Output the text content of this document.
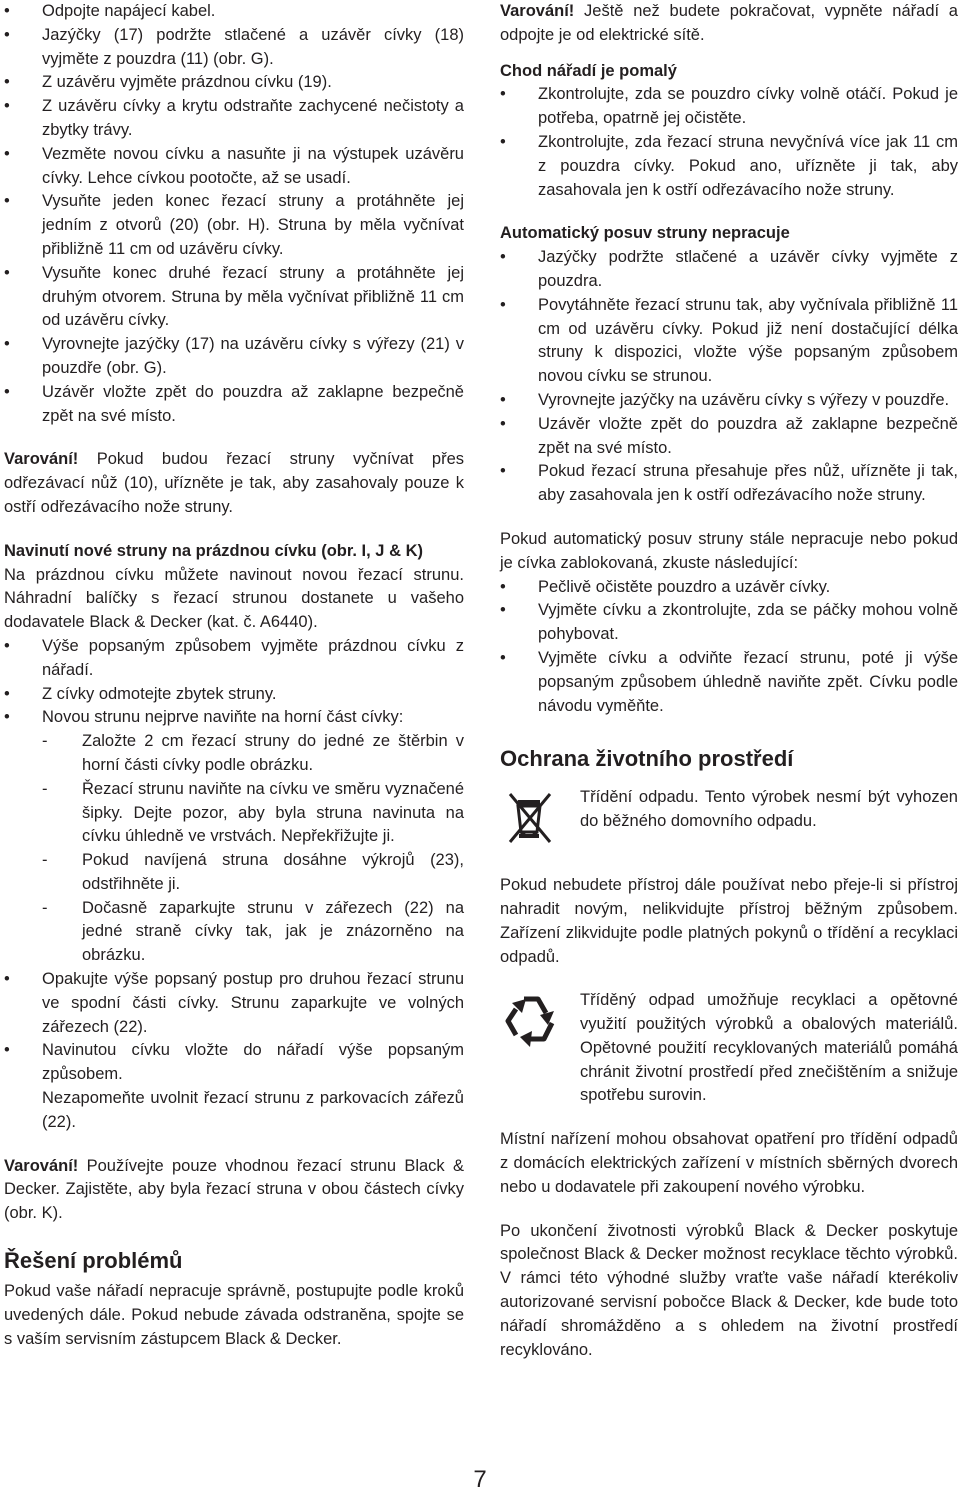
• Odpojte napájecí kabel.
• Jazýčky (17) podržte stlačené a uzávěr cívky (18) vyjměte z pouzdra (11) (obr. G).
• Z uzávěru vyjměte prázdnou cívku (19).
• Z uzávěru cívky a krytu odstraňte zachycené nečistoty a zbytky trávy.
• Vezměte novou cívku a nasuňte ji na výstupek uzávěru cívky. Lehce cívkou pootočte, až se usadí.
• Vysuňte jeden konec řezací struny a protáhněte jej jedním z otvorů (20) (obr. H). Struna by měla vyčnívat přibližně 11 cm od uzávěru cívky.
• Vysuňte konec druhé řezací struny a protáhněte jej druhým otvorem. Struna by měla vyčnívat přibližně 11 cm od uzávěru cívky.
• Vyrovnejte jazýčky (17) na uzávěru cívky s výřezy (21) v pouzdře (obr. G).
• Uzávěr vložte zpět do pouzdra až zaklapne bezpečně zpět na své místo.

Varování! Pokud budou řezací struny vyčnívat přes odřezávací nůž (10), uřízněte je tak, aby zasahovaly pouze k ostří odřezávacího nože struny.

Navinutí nové struny na prázdnou cívku (obr. I, J & K)

Na prázdnou cívku můžete navinout novou řezací strunu. Náhradní balíčky s řezací strunou dostanete u vašeho dodavatele Black & Decker (kat. č. A6440).

• Výše popsaným způsobem vyjměte prázdnou cívku z nářadí.
• Z cívky odmotejte zbytek struny.
• Novou strunu nejprve naviňte na horní část cívky:
- Založte 2 cm řezací struny do jedné ze štěrbin v horní části cívky podle obrázku.
- Řezací strunu naviňte na cívku ve směru vyznačené šipky. Dejte pozor, aby byla struna navinuta na cívku úhledně ve vrstvách. Nepřekřižujte ji.
- Pokud navíjená struna dosáhne výkrojů (23), odstřihněte ji.
- Dočasně zaparkujte strunu v zářezech (22) na jedné straně cívky tak, jak je znázorněno na obrázku.
• Opakujte výše popsaný postup pro druhou řezací strunu ve spodní části cívky. Strunu zaparkujte ve volných zářezech (22).
• Navinutou cívku vložte do nářadí výše popsaným způsobem.
Nezapomeňte uvolnit řezací strunu z parkovacích zářezů (22).

Varování! Používejte pouze vhodnou řezací strunu Black & Decker. Zajistěte, aby byla řezací struna v obou částech cívky (obr. K).

Řešení problémů

Pokud vaše nářadí nepracuje správně, postupujte podle kroků uvedených dále. Pokud nebude závada odstraněna, spojte se s vaším servisním zástupcem Black & Decker.

Varování! Ještě než budete pokračovat, vypněte nářadí a odpojte je od elektrické sítě.

Chod nářadí je pomalý
• Zkontrolujte, zda se pouzdro cívky volně otáčí. Pokud je potřeba, opatrně jej očistěte.
• Zkontrolujte, zda řezací struna nevyčnívá více jak 11 cm z pouzdra cívky. Pokud ano, uřízněte ji tak, aby zasahovala jen k ostří odřezávacího nože struny.
Automatický posuv struny nepracuje
• Jazýčky podržte stlačené a uzávěr cívky vyjměte z pouzdra.
• Povytáhněte řezací strunu tak, aby vyčnívala přibližně 11 cm od uzávěru cívky. Pokud již není dostačující délka struny k dispozici, vložte výše popsaným způsobem novou cívku se strunou.
• Vyrovnejte jazýčky na uzávěru cívky s výřezy v pouzdře.
• Uzávěr vložte zpět do pouzdra až zaklapne bezpečně zpět na své místo.
• Pokud řezací struna přesahuje přes nůž, uřízněte ji tak, aby zasahovala jen k ostří odřezávacího nože struny.

Pokud automatický posuv struny stále nepracuje nebo pokud je cívka zablokovaná, zkuste následující:

• Pečlivě očistěte pouzdro a uzávěr cívky.
• Vyjměte cívku a zkontrolujte, zda se páčky mohou volně pohybovat.
• Vyjměte cívku a odviňte řezací strunu, poté ji výše popsaným způsobem úhledně naviňte zpět. Cívku podle návodu vyměňte.
Ochrana životního prostředí

Třídění odpadu. Tento výrobek nesmí být vyhozen do běžného domovního odpadu.

Pokud nebudete přístroj dále používat nebo přeje-li si přístroj nahradit novým, nelikvidujte přístroj běžným způsobem. Zařízení zlikvidujte podle platných pokynů o třídění a recyklaci odpadů.

Tříděný odpad umožňuje recyklaci a opětovné využití použitých výrobků a obalových materiálů. Opětovné použití recyklovaných materiálů pomáhá chránit životní prostředí před znečištěním a snižuje spotřebu surovin.

Místní nařízení mohou obsahovat opatření pro třídění odpadů z domácích elektrických zařízení v místních sběrných dvorech nebo u dodavatele při zakoupení nového výrobku.

Po ukončení životnosti výrobků Black & Decker poskytuje společnost Black & Decker možnost recyklace těchto výrobků. V rámci této výhodné služby vraťte vaše nářadí kterékoliv autorizované servisní pobočce Black & Decker, kde bude toto nářadí shromážděno a s ohledem na životní prostředí recyklováno.

7
